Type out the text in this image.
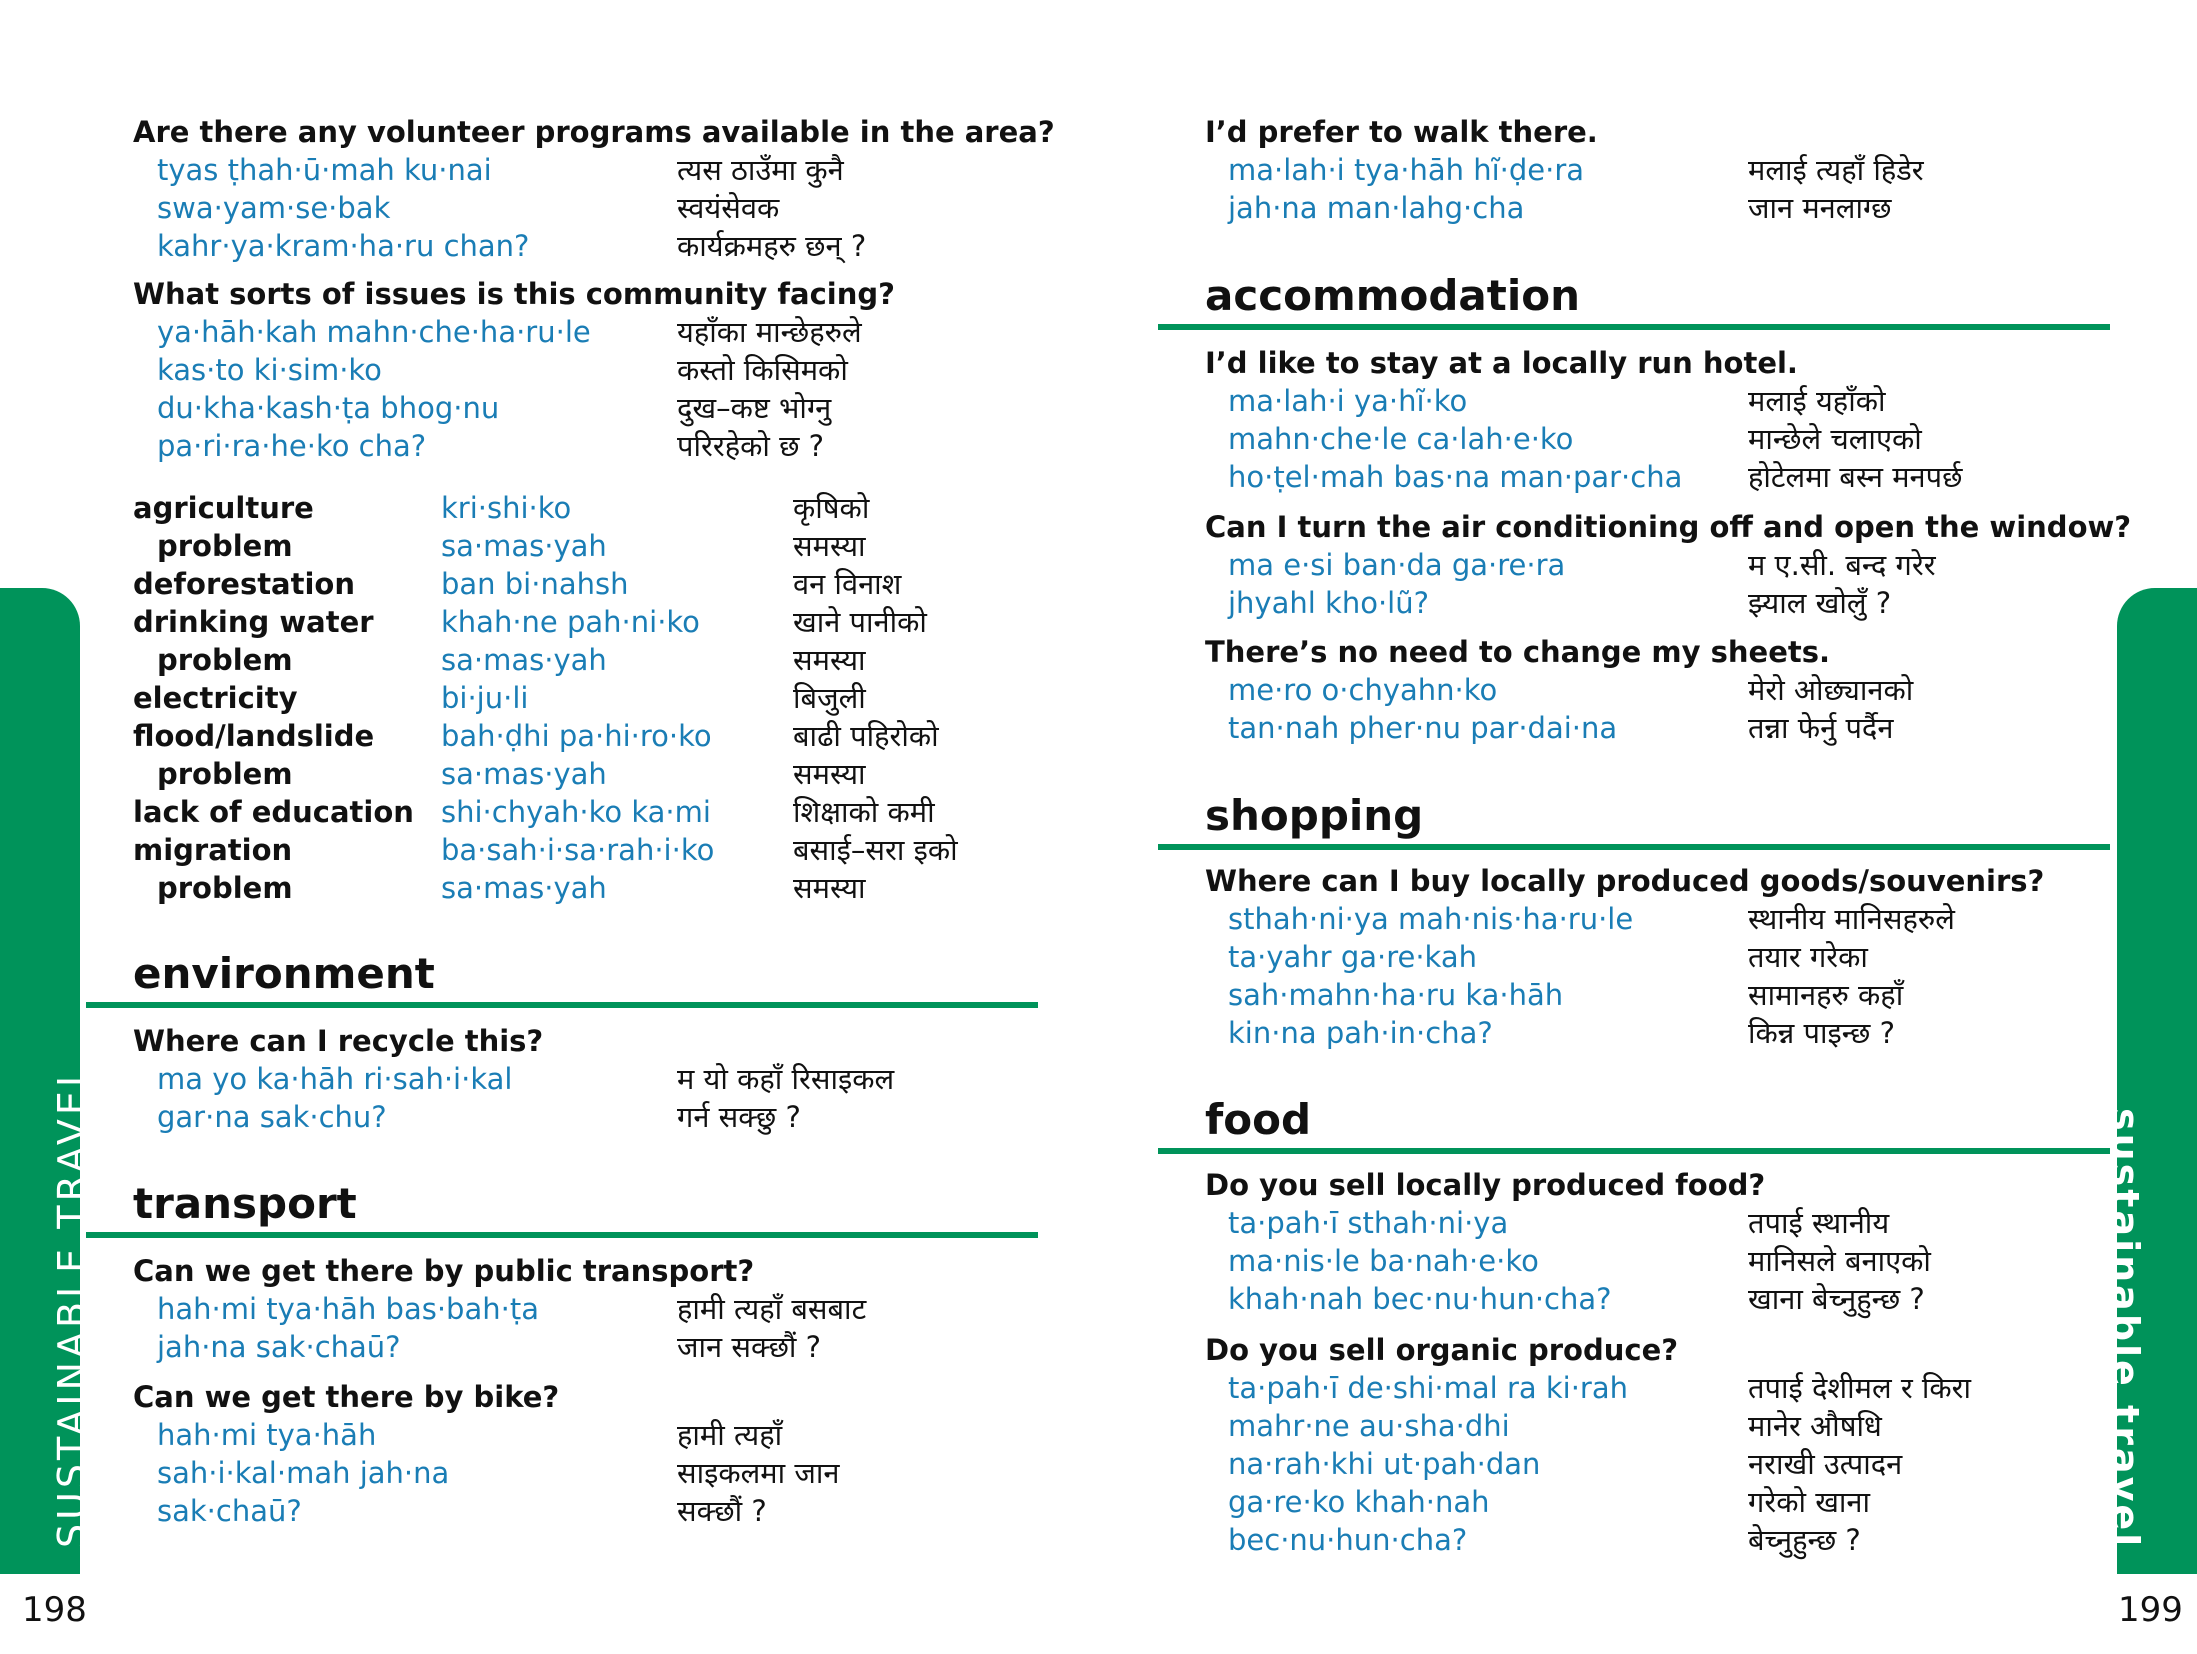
Are there any volunteer programs available in the area?
tyas ṭhah·ū·mah ku·nai	त्यस ठाउँमा कुनै
swa·yam·se·bak	स्वयंसेवक
kahr·ya·kram·ha·ru chan?	कार्यक्रमहरु छन् ?
What sorts of issues is this community facing?
ya·hāh·kah mahn·che·ha·ru·le	यहाँका मान्छेहरुले
kas·to ki·sim·ko	कस्तो किसिमको
du·kha·kash·ṭa bhog·nu	दुख–कष्ट भोग्नु
pa·ri·ra·he·ko cha?	परिरहेको छ ?
agriculture	kri·shi·ko	कृषिको
problem	sa·mas·yah	समस्या
deforestation	ban bi·nahsh	वन विनाश
drinking water khah·ne pah·ni·ko	खाने पानीको
problem	sa·mas·yah	समस्या
electricity	bi·ju·li	बिजुली
flood/landslide bah·ḍhi pa·hi·ro·ko	बाढी पहिरोको
problem	sa·mas·yah	समस्या
lack of education shi·chyah·ko ka·mi	शिक्षाको कमी
migration	ba·sah·i·sa·rah·i·ko	बसाई–सरा इको
problem	sa·mas·yah	समस्या
environment
Where can I recycle this?
ma yo ka·hāh ri·sah·i·kal	म यो कहाँ रिसाइकल
gar·na sak·chu?	गर्न सक्छु ?
transport
Can we get there by public transport?
hah·mi tya·hāh bas·bah·ṭa	हामी त्यहाँ बसबाट
jah·na sak·chaū?	जान सक्छौं ?
Can we get there by bike?
hah·mi tya·hāh	हामी त्यहाँ
sah·i·kal·mah jah·na	साइकलमा जान
sak·chaū?	सक्छौं ?
SUSTAINABLE TRAVEL
198
I’d prefer to walk there.
ma·lah·i tya·hāh hĩ·ḍe·ra	मलाई त्यहाँ हिडेर
jah·na man·lahg·cha	जान मनलाग्छ
accommodation
I’d like to stay at a locally run hotel.
ma·lah·i ya·hĩ·ko	मलाई यहाँको
mahn·che·le ca·lah·e·ko	मान्छेले चलाएको
ho·ṭel·mah bas·na man·par·cha होटेलमा बस्न मनपर्छ
Can I turn the air conditioning off and open the window?
ma e·si ban·da ga·re·ra	म ए.सी. बन्द गरेर
jhyahl kho·lũ?	झ्याल खोलुँ ?
There’s no need to change my sheets.
me·ro o·chyahn·ko	मेरो ओछ्यानको
tan·nah pher·nu par·dai·na	तन्ना फेर्नु पर्दैन
shopping
Where can I buy locally produced goods/souvenirs?
sthah·ni·ya mah·nis·ha·ru·le	स्थानीय मानिसहरुले
ta·yahr ga·re·kah	तयार गरेका
sah·mahn·ha·ru ka·hāh	सामानहरु कहाँ
kin·na pah·in·cha?	किन्न पाइन्छ ?
food
Do you sell locally produced food?
ta·pah·ī sthah·ni·ya	तपाई स्थानीय
ma·nis·le ba·nah·e·ko	मानिसले बनाएको
khah·nah bec·nu·hun·cha?	खाना बेच्नुहुन्छ ?
Do you sell organic produce?
ta·pah·ī de·shi·mal ra ki·rah	तपाई देशीमल र किरा
mahr·ne au·sha·dhi	मानेर औषधि
na·rah·khi ut·pah·dan	नराखी उत्पादन
ga·re·ko khah·nah	गरेको खाना
bec·nu·hun·cha?	बेच्नुहुन्छ ?	sustainable travel
199
